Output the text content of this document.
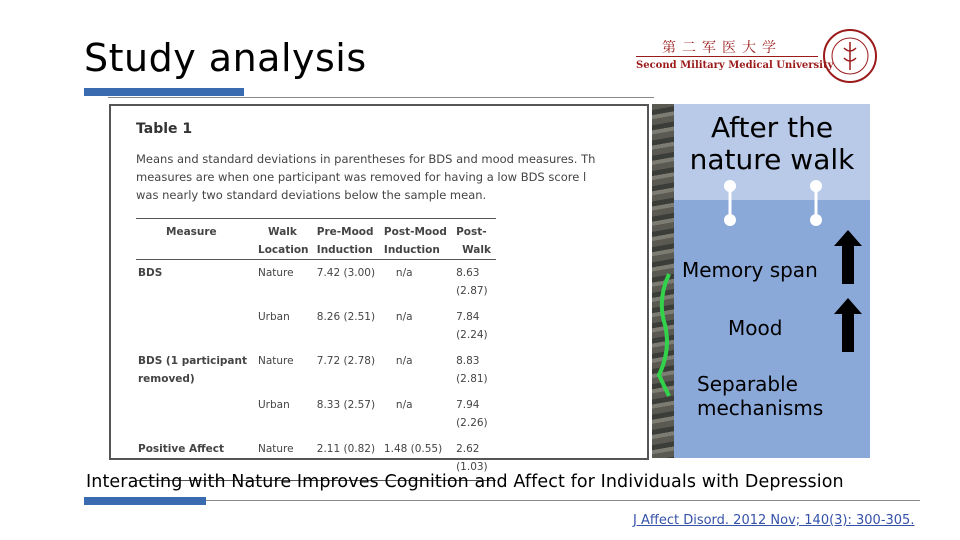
Study analysis	第二军医大学
Second Military Medical University
Table 1
Means and standard deviations in parentheses for BDS and mood measures. Th
measures are when one participant was removed for having a low BDS score l
was nearly two standard deviations below the sample mean.
Measure	Walk	Pre-Mood	Post-Mood	Post-
	Location	Induction	Induction	Walk
BDS	Nature	7.42 (3.00)	n/a	8.63
(2.87)
	Urban	8.26 (2.51)	n/a	7.84
(2.24)
BDS (1 participant
removed)	Nature	7.72 (2.78)	n/a	8.83
(2.81)
	Urban	8.33 (2.57)	n/a	7.94
(2.26)
Positive Affect	Nature	2.11 (0.82)	1.48 (0.55)	2.62
(1.03)
After the nature walk
Memory span
Mood
Separable
mechanisms
Interacting with Nature Improves Cognition and Affect for Individuals with Depression
J Affect Disord. 2012 Nov; 140(3): 300-305.
